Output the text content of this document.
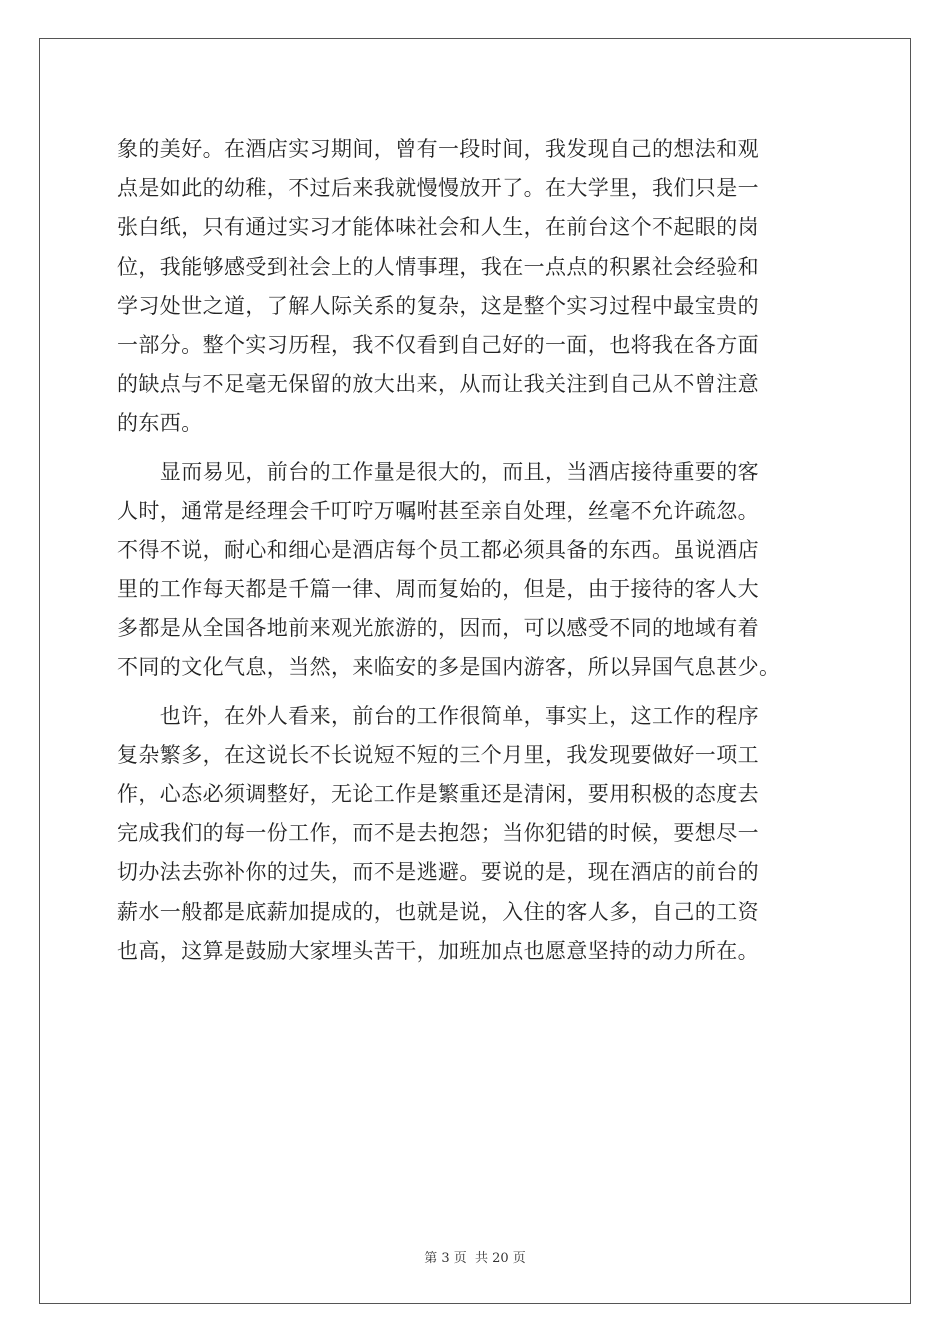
象的美好。在酒店实习期间，曾有一段时间，我发现自己的想法和观
点是如此的幼稚，不过后来我就慢慢放开了。在大学里，我们只是一
张白纸，只有通过实习才能体味社会和人生，在前台这个不起眼的岗
位，我能够感受到社会上的人情事理，我在一点点的积累社会经验和
学习处世之道，了解人际关系的复杂，这是整个实习过程中最宝贵的
一部分。整个实习历程，我不仅看到自己好的一面，也将我在各方面
的缺点与不足毫无保留的放大出来，从而让我关注到自己从不曾注意
的东西。
　　显而易见，前台的工作量是很大的，而且，当酒店接待重要的客
人时，通常是经理会千叮咛万嘱咐甚至亲自处理，丝毫不允许疏忽。
不得不说，耐心和细心是酒店每个员工都必须具备的东西。虽说酒店
里的工作每天都是千篇一律、周而复始的，但是，由于接待的客人大
多都是从全国各地前来观光旅游的，因而，可以感受不同的地域有着
不同的文化气息，当然，来临安的多是国内游客，所以异国气息甚少。
　　也许，在外人看来，前台的工作很简单，事实上，这工作的程序
复杂繁多，在这说长不长说短不短的三个月里，我发现要做好一项工
作，心态必须调整好，无论工作是繁重还是清闲，要用积极的态度去
完成我们的每一份工作，而不是去抱怨；当你犯错的时候，要想尽一
切办法去弥补你的过失，而不是逃避。要说的是，现在酒店的前台的
薪水一般都是底薪加提成的，也就是说，入住的客人多，自己的工资
也高，这算是鼓励大家埋头苦干，加班加点也愿意坚持的动力所在。
第 3 页 共 20 页
